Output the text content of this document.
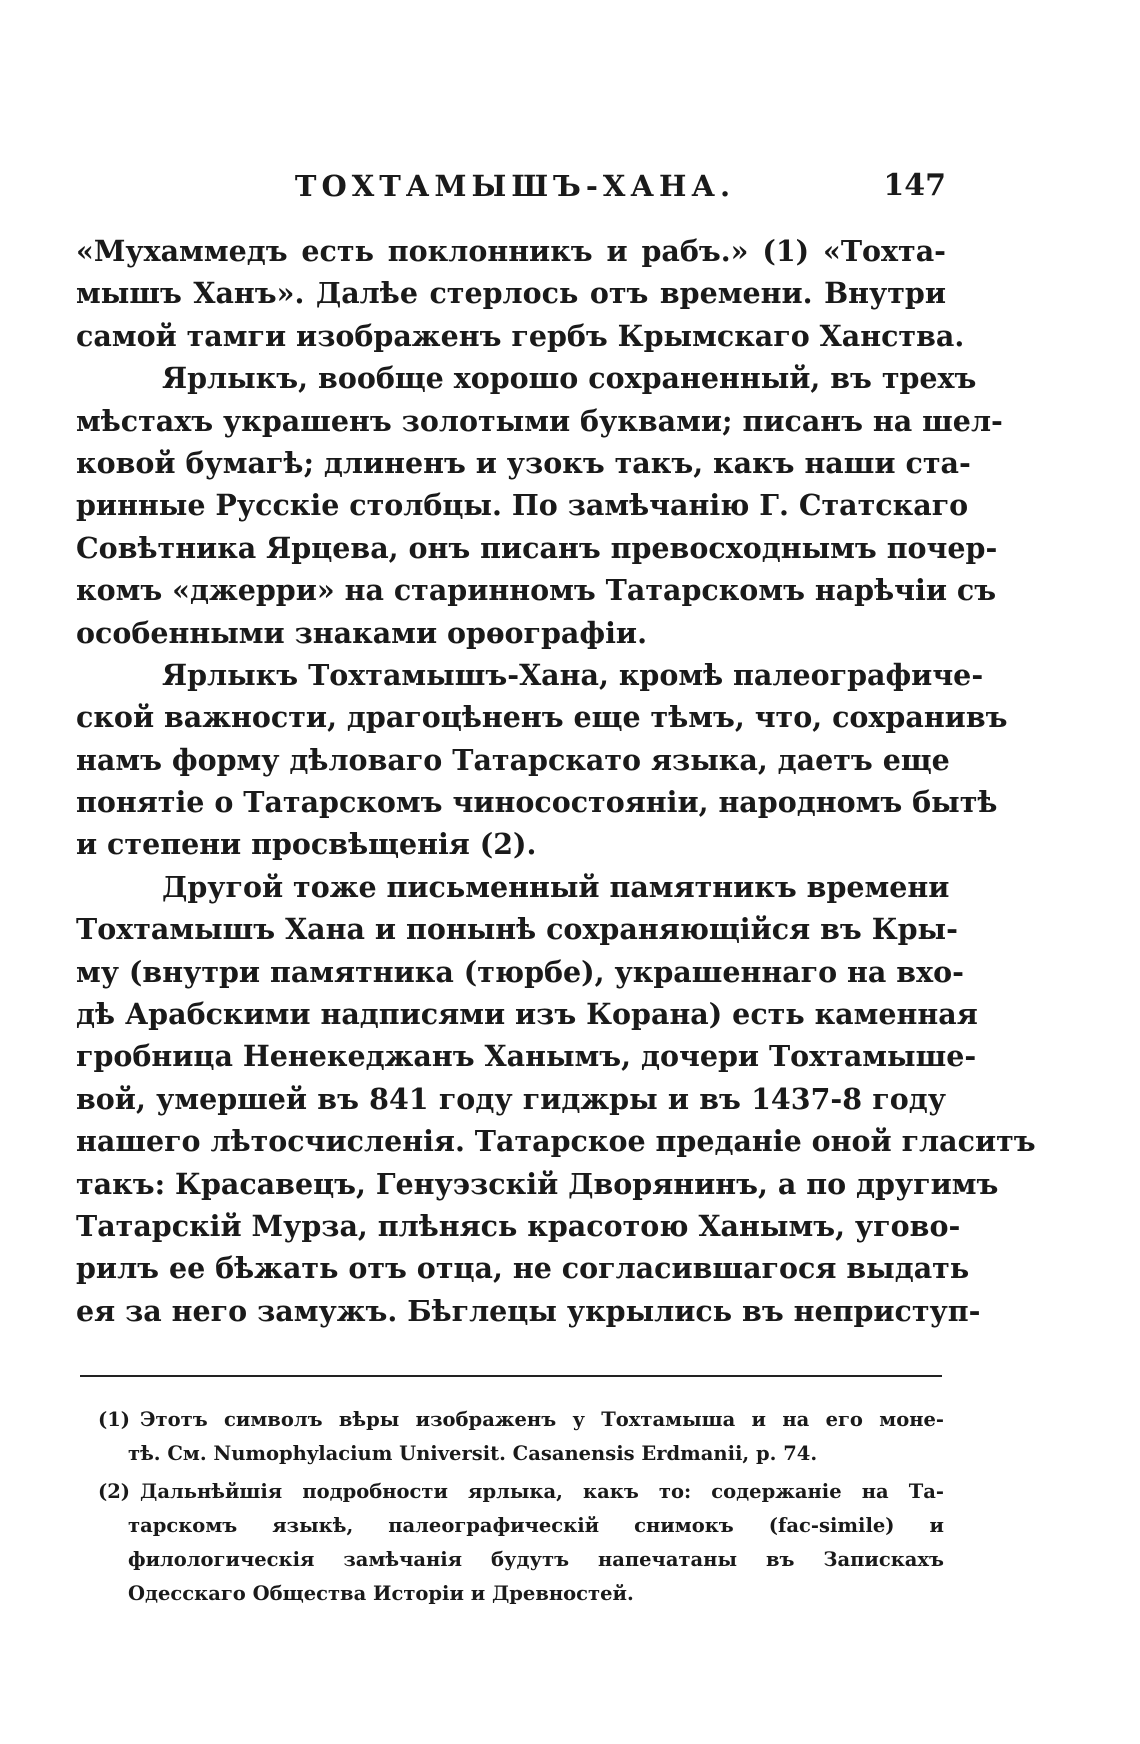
ТОХТАМЫШЪ-ХАНА.	147
«Мухаммедъ есть поклонникъ и рабъ.» (1) «Тохта-
мышъ Ханъ». Далѣе стерлось отъ времени. Внутри
самой тамги изображенъ гербъ Крымскаго Ханства.
Ярлыкъ, вообще хорошо сохраненный, въ трехъ
мѣстахъ украшенъ золотыми буквами; писанъ на шел-
ковой бумагѣ; длиненъ и узокъ такъ, какъ наши ста-
ринные Русскіе столбцы. По замѣчанію Г. Статскаго
Совѣтника Ярцева, онъ писанъ превосходнымъ почер-
комъ «джерри» на старинномъ Татарскомъ нарѣчіи съ
особенными знаками орѳографіи.
Ярлыкъ Тохтамышъ-Хана, кромѣ палеографиче-
ской важности, драгоцѣненъ еще тѣмъ, что, сохранивъ
намъ форму дѣловаго Татарскато языка, даетъ еще
понятіе о Татарскомъ чиносостояніи, народномъ бытѣ
и степени просвѣщенія (2).
Другой тоже письменный памятникъ времени
Тохтамышъ Хана и понынѣ сохраняющійся въ Кры-
му (внутри памятника (тюрбе), украшеннаго на вхо-
дѣ Арабскими надписями изъ Корана) есть каменная
гробница Ненекеджанъ Ханымъ, дочери Тохтамыше-
вой, умершей въ 841 году гиджры и въ 1437-8 году
нашего лѣтосчисленія. Татарское преданіе оной гласитъ
такъ: Красавецъ, Генуэзскій Дворянинъ, а по другимъ
Татарскій Мурза, плѣнясь красотою Ханымъ, угово-
рилъ ее бѣжать отъ отца, не согласившагося выдать
ея за него замужъ. Бѣглецы укрылись въ неприступ-
(1) Этотъ символъ вѣры изображенъ у Тохтамыша и на его моне-
тѣ. См. Numophylacium Universit. Casanensis Erdmanii, p. 74.
(2) Дальнѣйшія подробности ярлыка, какъ то: содержаніе на Та-
тарскомъ языкѣ, палеографическій снимокъ (fac-simile) и
филологическія замѣчанія будутъ напечатаны въ Запискахъ
Одесскаго Общества Исторіи и Древностей.
